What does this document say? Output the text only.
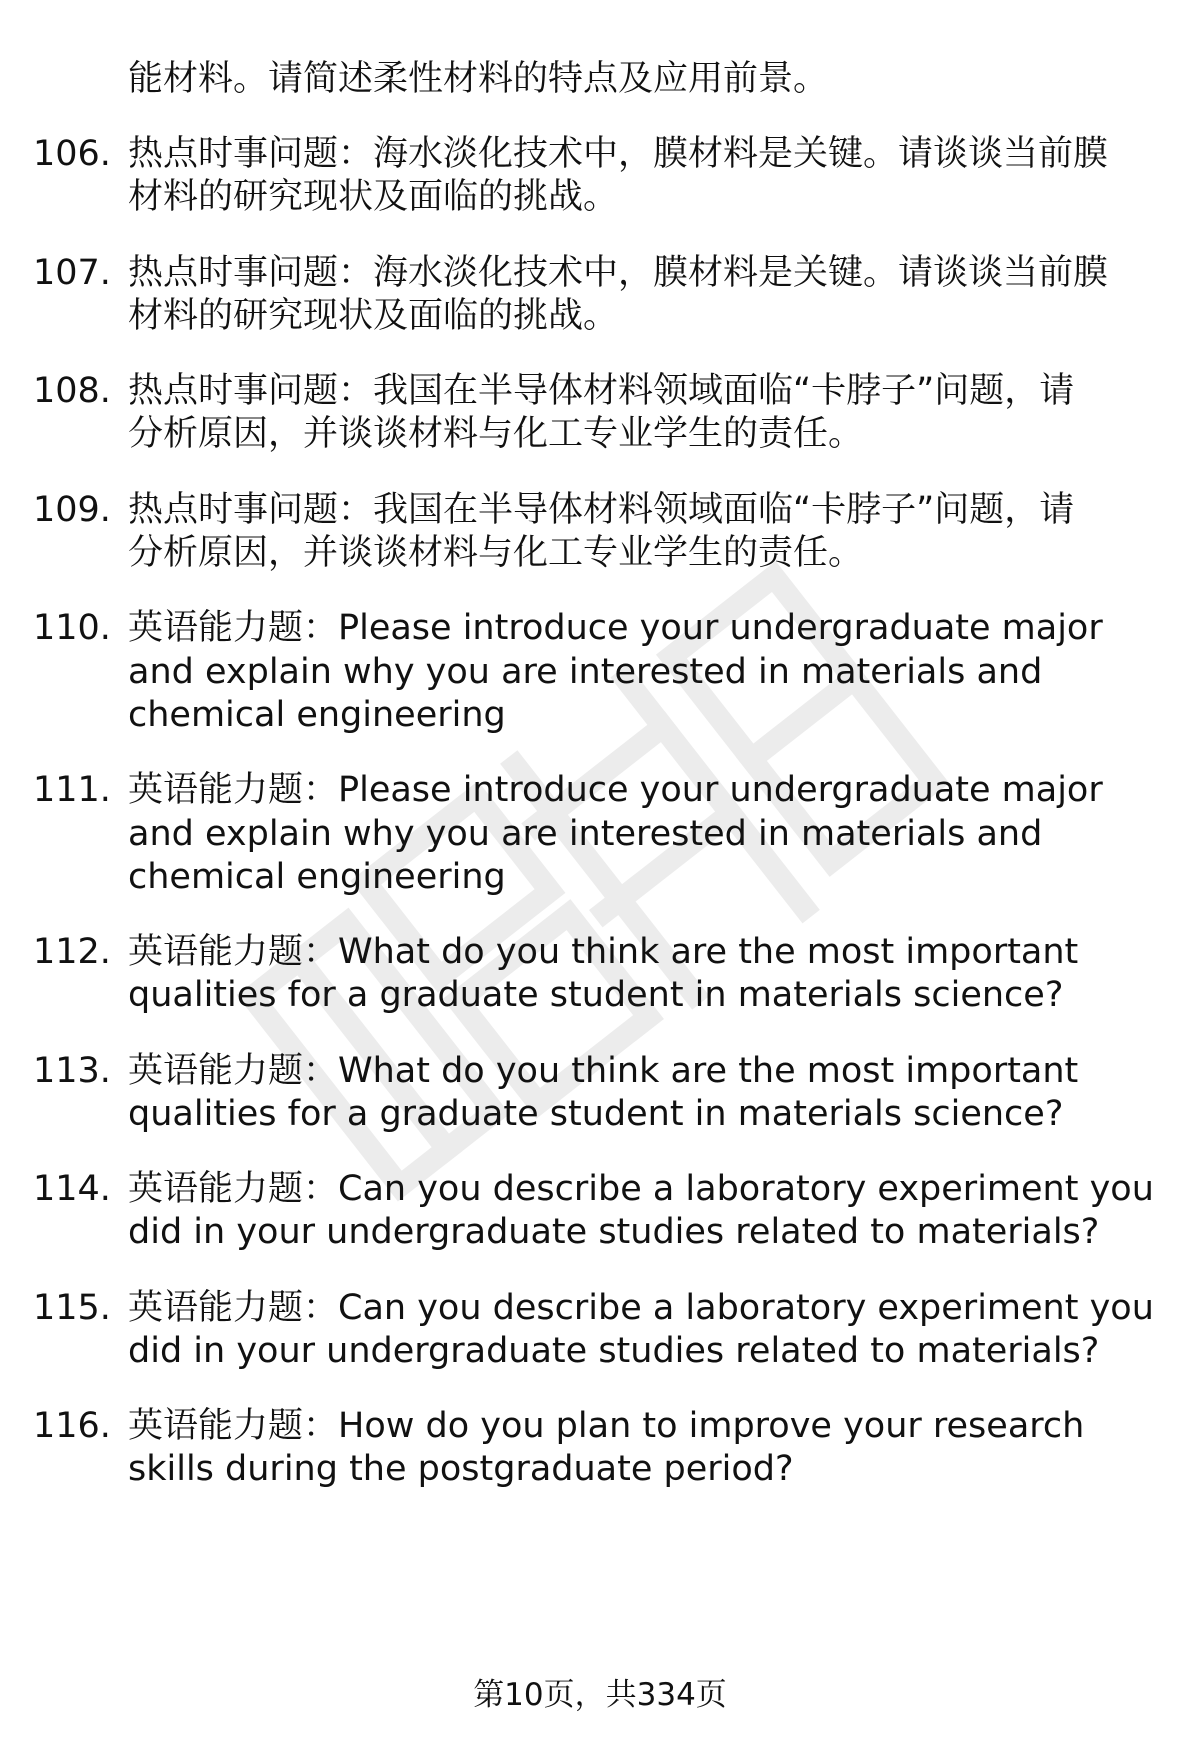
能材料。请简述柔性材料的特点及应用前景。
106. 热点时事问题：海水淡化技术中，膜材料是关键。请谈谈当前膜
材料的研究现状及面临的挑战。
107. 热点时事问题：海水淡化技术中，膜材料是关键。请谈谈当前膜
材料的研究现状及面临的挑战。
108. 热点时事问题：我国在半导体材料领域面临“卡脖子”问题，请
分析原因，并谈谈材料与化工专业学生的责任。
109. 热点时事问题：我国在半导体材料领域面临“卡脖子”问题，请
分析原因，并谈谈材料与化工专业学生的责任。
110. 英语能力题：Please introduce your undergraduate major
and explain why you are interested in materials and
chemical engineering
111. 英语能力题：Please introduce your undergraduate major
and explain why you are interested in materials and
chemical engineering
112. 英语能力题：What do you think are the most important
qualities for a graduate student in materials science?
113. 英语能力题：What do you think are the most important
qualities for a graduate student in materials science?
114. 英语能力题：Can you describe a laboratory experiment you
did in your undergraduate studies related to materials?
115. 英语能力题：Can you describe a laboratory experiment you
did in your undergraduate studies related to materials?
116. 英语能力题：How do you plan to improve your research
skills during the postgraduate period?
第10页，共334页
